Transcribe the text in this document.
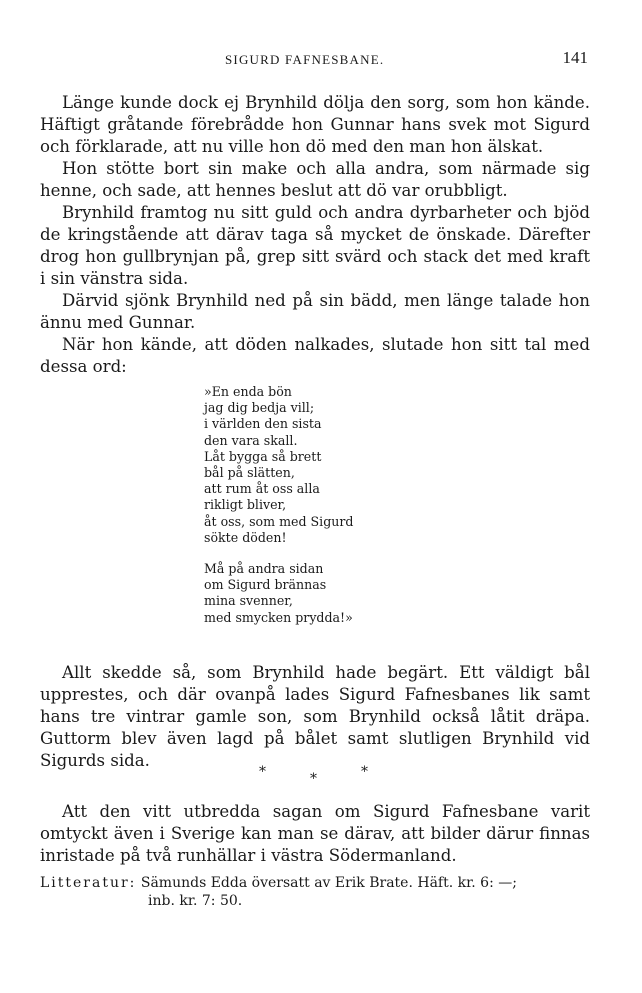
SIGURD FAFNESBANE.	141

Länge kunde dock ej Brynhild dölja den sorg, som hon kände. Häftigt gråtande förebrådde hon Gunnar hans svek mot Sigurd och förklarade, att nu ville hon dö med den man hon älskat.

Hon stötte bort sin make och alla andra, som närmade sig henne, och sade, att hennes beslut att dö var orubbligt.

Brynhild framtog nu sitt guld och andra dyrbarheter och bjöd de kringstående att därav taga så mycket de önskade. Därefter drog hon gullbrynjan på, grep sitt svärd och stack det med kraft i sin vänstra sida.

Därvid sjönk Brynhild ned på sin bädd, men länge talade hon ännu med Gunnar.

När hon kände, att döden nalkades, slutade hon sitt tal med dessa ord:

»En enda bön
jag dig bedja vill;
i världen den sista
den vara skall.
Låt bygga så brett
bål på slätten,
att rum åt oss alla
rikligt bliver,
åt oss, som med Sigurd
sökte döden!
Må på andra sidan
om Sigurd brännas
mina svenner,
med smycken prydda!»

Allt skedde så, som Brynhild hade begärt. Ett väldigt bål upprestes, och där ovanpå lades Sigurd Fafnesbanes lik samt hans tre vintrar gamle son, som Brynhild också låtit dräpa. Guttorm blev även lagd på bålet samt slutligen Brynhild vid Sigurds sida.

*	*	*

Att den vitt utbredda sagan om Sigurd Fafnesbane varit omtyckt även i Sverige kan man se därav, att bilder därur finnas inristade på två runhällar i västra Södermanland.

Litteratur: Sämunds Edda översatt av Erik Brate. Häft. kr. 6: —;
inb. kr. 7: 50.
